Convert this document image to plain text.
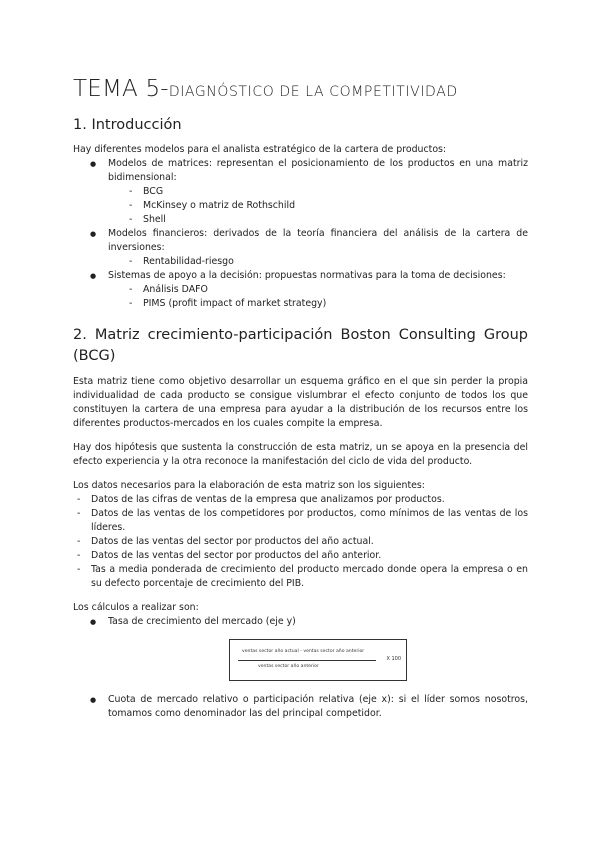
TEMA 5-DIAGNÓSTICO DE LA COMPETITIVIDAD
1. Introducción

Hay diferentes modelos para el analista estratégico de la cartera de productos:

● Modelos de matrices: representan el posicionamiento de los productos en una matriz bidimensional:
- BCG
- McKinsey o matriz de Rothschild
- Shell
● Modelos financieros: derivados de la teoría financiera del análisis de la cartera de inversiones:
- Rentabilidad-riesgo
● Sistemas de apoyo a la decisión: propuestas normativas para la toma de decisiones:
- Análisis DAFO
- PIMS (profit impact of market strategy)
2. Matriz crecimiento-participación Boston Consulting Group (BCG)

Esta matriz tiene como objetivo desarrollar un esquema gráfico en el que sin perder la propia individualidad de cada producto se consigue vislumbrar el efecto conjunto de todos los que constituyen la cartera de una empresa para ayudar a la distribución de los recursos entre los diferentes productos-mercados en los cuales compite la empresa.

Hay dos hipótesis que sustenta la construcción de esta matriz, un se apoya en la presencia del efecto experiencia y la otra reconoce la manifestación del ciclo de vida del producto.

Los datos necesarios para la elaboración de esta matriz son los siguientes:

- Datos de las cifras de ventas de la empresa que analizamos por productos.
- Datos de las ventas de los competidores por productos, como mínimos de las ventas de los líderes.
- Datos de las ventas del sector por productos del año actual.
- Datos de las ventas del sector por productos del año anterior.
- Tas a media ponderada de crecimiento del producto mercado donde opera la empresa o en su defecto porcentaje de crecimiento del PIB.

Los cálculos a realizar son:

● Tasa de crecimiento del mercado (eje y)
ventas sector año actual - ventas sector año anterior
ventas sector año anterior
X 100
● Cuota de mercado relativo o participación relativa (eje x): si el líder somos nosotros, tomamos como denominador las del principal competidor.
